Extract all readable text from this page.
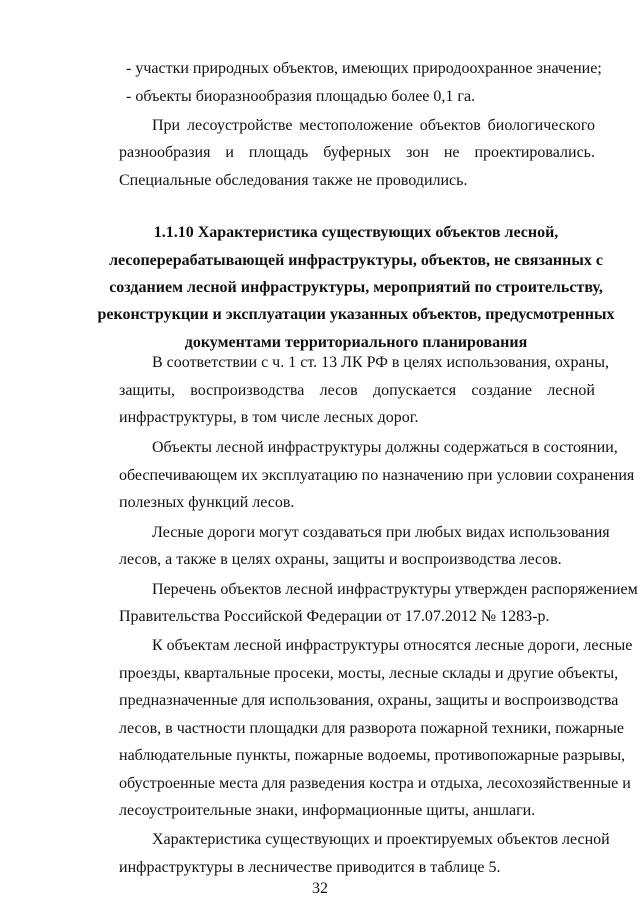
- участки природных объектов, имеющих природоохранное значение;
- объекты биоразнообразия площадью более 0,1 га.
При лесоустройстве местоположение объектов биологического
разнообразия и площадь буферных зон не проектировались.
Специальные обследования также не проводились.
1.1.10 Характеристика существующих объектов лесной,
лесоперерабатывающей инфраструктуры, объектов, не связанных с
созданием лесной инфраструктуры, мероприятий по строительству,
реконструкции и эксплуатации указанных объектов, предусмотренных
документами территориального планирования
В соответствии с ч. 1 ст. 13 ЛК РФ в целях использования, охраны,
защиты, воспроизводства лесов допускается создание лесной
инфраструктуры, в том числе лесных дорог.
Объекты лесной инфраструктуры должны содержаться в состоянии,
обеспечивающем их эксплуатацию по назначению при условии сохранения
полезных функций лесов.
Лесные дороги могут создаваться при любых видах использования
лесов, а также в целях охраны, защиты и воспроизводства лесов.
Перечень объектов лесной инфраструктуры утвержден распоряжением
Правительства Российской Федерации от 17.07.2012 № 1283-р.
К объектам лесной инфраструктуры относятся лесные дороги, лесные
проезды, квартальные просеки, мосты, лесные склады и другие объекты,
предназначенные для использования, охраны, защиты и воспроизводства
лесов, в частности площадки для разворота пожарной техники, пожарные
наблюдательные пункты, пожарные водоемы, противопожарные разрывы,
обустроенные места для разведения костра и отдыха, лесохозяйственные и
лесоустроительные знаки, информационные щиты, аншлаги.
Характеристика существующих и проектируемых объектов лесной
инфраструктуры в лесничестве приводится в таблице 5.
32
